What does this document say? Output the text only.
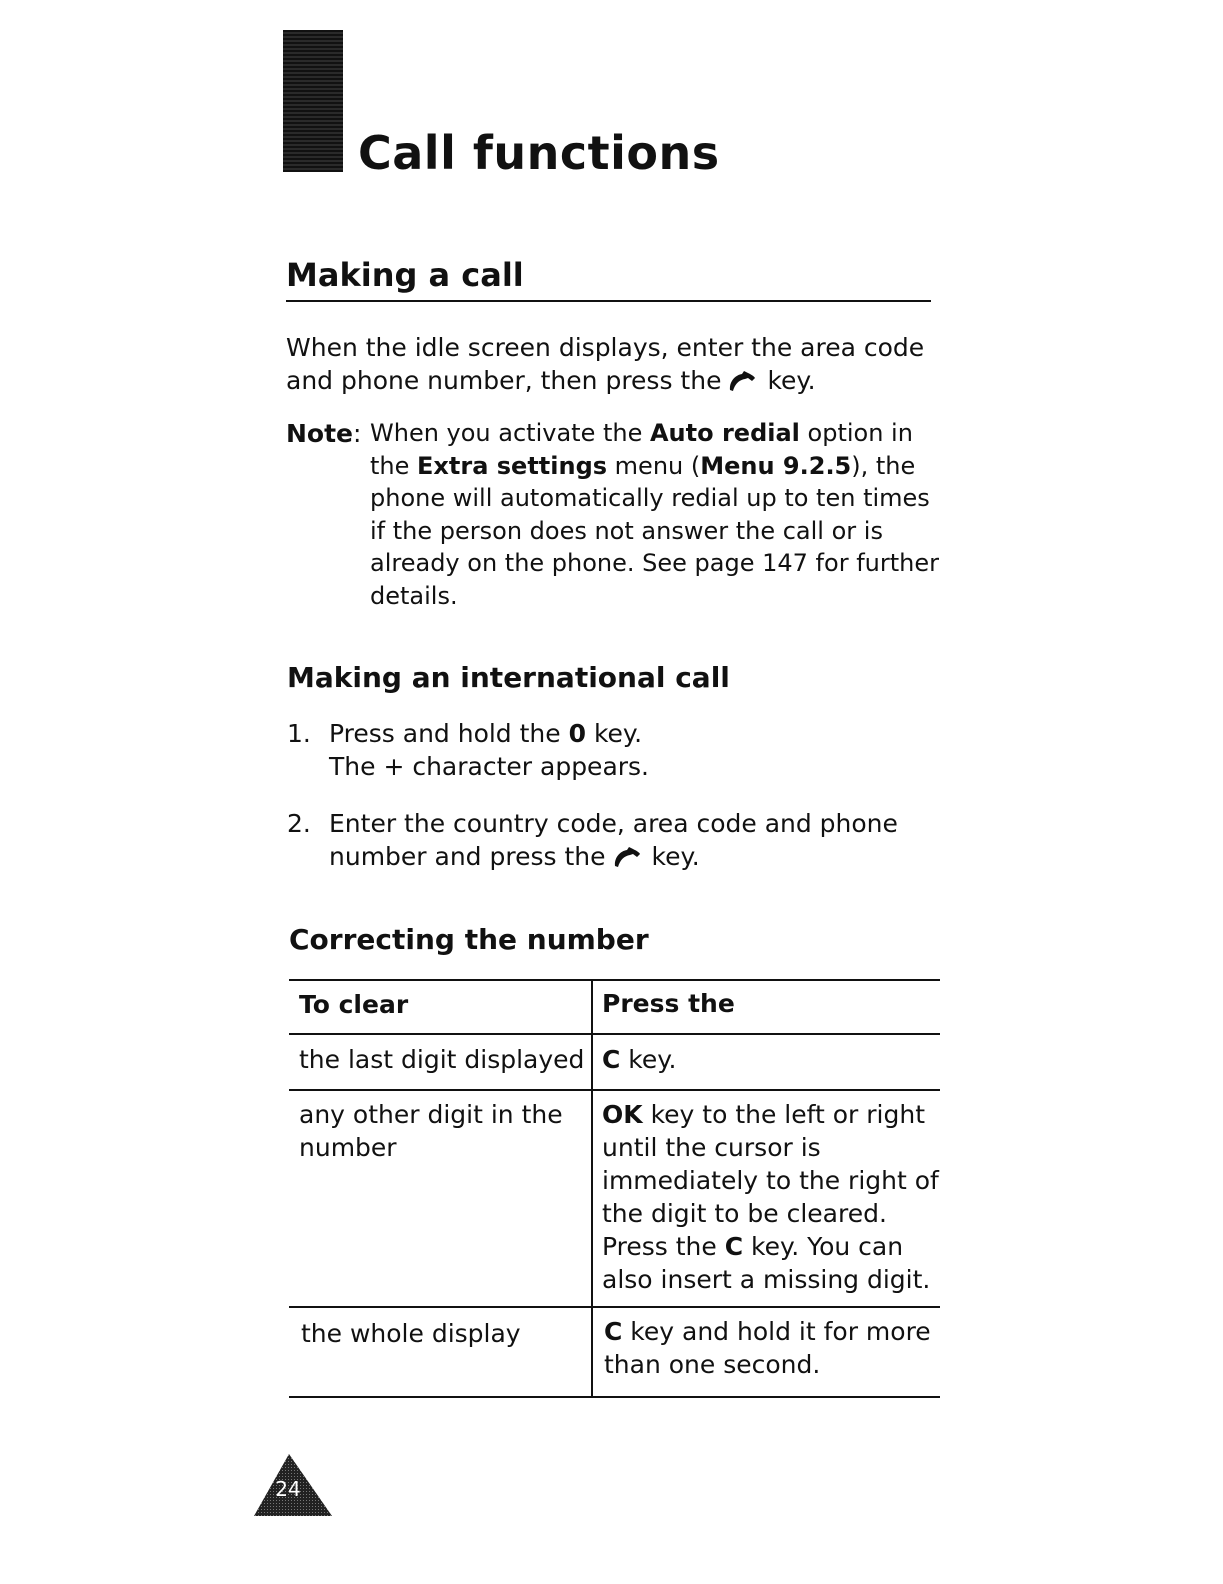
Call functions
Making a call
When the idle screen displays, enter the area code
and phone number, then press the key.
Note: When you activate the Auto redial option in
the Extra settings menu (Menu 9.2.5), the
phone will automatically redial up to ten times
if the person does not answer the call or is
already on the phone. See page 147 for further
details.
Making an international call
1. Press and hold the 0 key.
The + character appears.
2. Enter the country code, area code and phone
number and press the key.
Correcting the number
To clear	Press the
the last digit displayed C key.
any other digit in the
number
OK key to the left or right
until the cursor is
immediately to the right of
the digit to be cleared.
Press the C key. You can
also insert a missing digit.
the whole display	C key and hold it for more
than one second.
24
